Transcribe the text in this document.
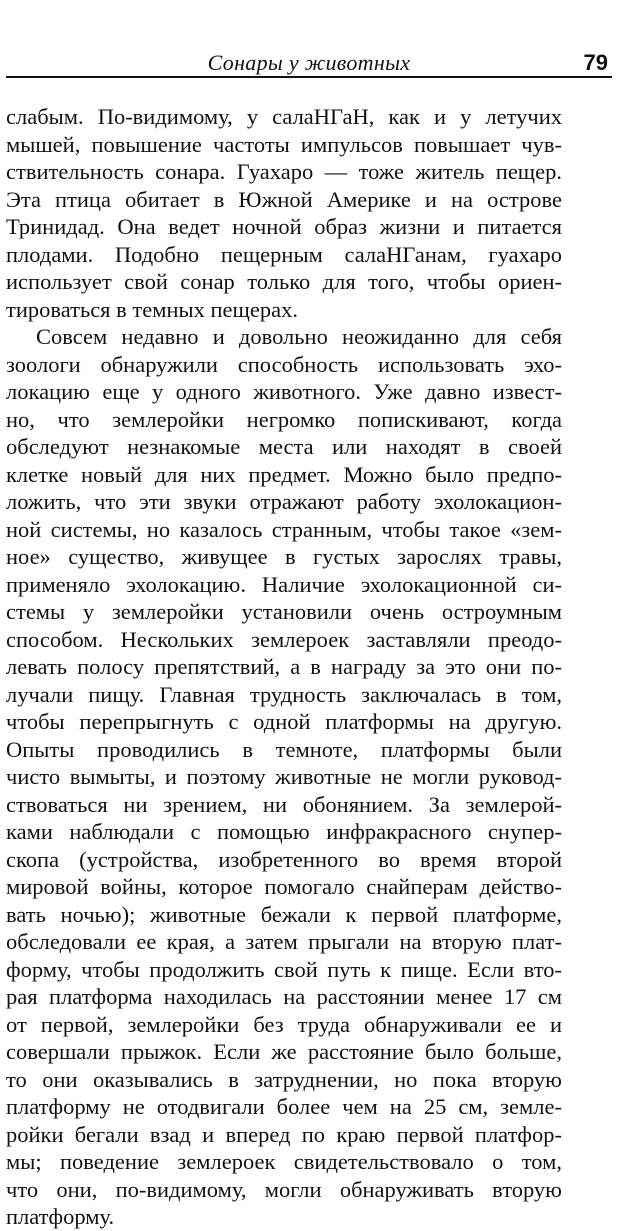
Сонары у животных	79
слабым. По-видимому, у салаНГаН, как и у летучих
мышей, повышение частоты импульсов повышает чув-
ствительность сонара. Гуахаро — тоже житель пещер.
Эта птица обитает в Южной Америке и на острове
Тринидад. Она ведет ночной образ жизни и питается
плодами. Подобно пещерным салаНГанам, гуахаро
использует свой сонар только для того, чтобы ориен-
тироваться в темных пещерах.
Совсем недавно и довольно неожиданно для себя
зоологи обнаружили способность использовать эхо-
локацию еще у одного животного. Уже давно извест-
но, что землеройки негромко попискивают, когда
обследуют незнакомые места или находят в своей
клетке новый для них предмет. Можно было предпо-
ложить, что эти звуки отражают работу эхолокацион-
ной системы, но казалось странным, чтобы такое «зем-
ное» существо, живущее в густых зарослях травы,
применяло эхолокацию. Наличие эхолокационной си-
стемы у землеройки установили очень остроумным
способом. Нескольких землероек заставляли преодо-
левать полосу препятствий, а в награду за это они по-
лучали пищу. Главная трудность заключалась в том,
чтобы перепрыгнуть с одной платформы на другую.
Опыты проводились в темноте, платформы были
чисто вымыты, и поэтому животные не могли руковод-
ствоваться ни зрением, ни обонянием. За землерой-
ками наблюдали с помощью инфракрасного снупер-
скопа (устройства, изобретенного во время второй
мировой войны, которое помогало снайперам действо-
вать ночью); животные бежали к первой платформе,
обследовали ее края, а затем прыгали на вторую плат-
форму, чтобы продолжить свой путь к пище. Если вто-
рая платформа находилась на расстоянии менее 17 см
от первой, землеройки без труда обнаруживали ее и
совершали прыжок. Если же расстояние было больше,
то они оказывались в затруднении, но пока вторую
платформу не отодвигали более чем на 25 см, земле-
ройки бегали взад и вперед по краю первой платфор-
мы; поведение землероек свидетельствовало о том,
что они, по-видимому, могли обнаруживать вторую
платформу.
